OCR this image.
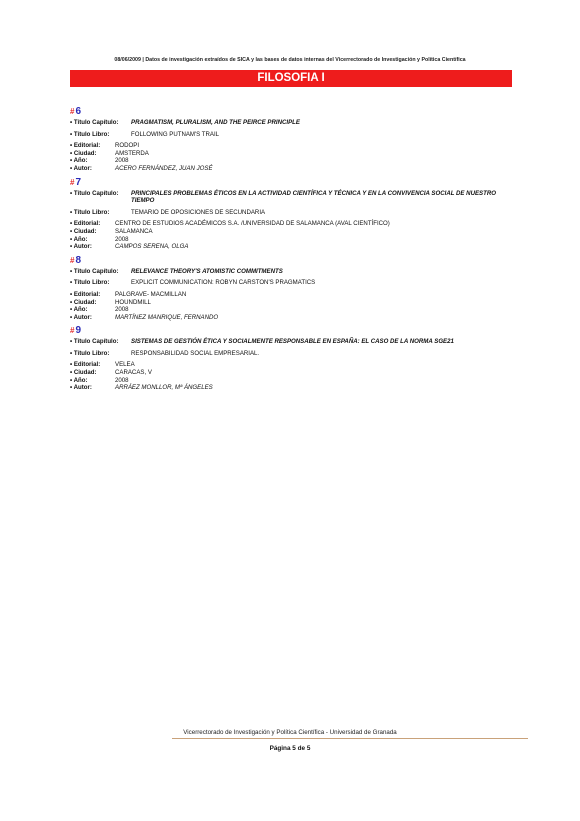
08/06/2009 | Datos de investigación extraídos de SICA y las bases de datos internas del Vicerrectorado de Investigación y Política Científica
FILOSOFIA I
#6
• Título Capítulo:	PRAGMATISM, PLURALISM, AND THE PEIRCE PRINCIPLE
• Título Libro:	FOLLOWING PUTNAM'S TRAIL
• Editorial:	RODOPI
• Ciudad:	AMSTERDA
• Año:	2008
• Autor:	ACERO FERNÁNDEZ, JUAN JOSÉ
#7
• Título Capítulo:	PRINCIPALES PROBLEMAS ÉTICOS EN LA ACTIVIDAD CIENTÍFICA Y TÉCNICA Y EN LA CONVIVENCIA SOCIAL DE NUESTRO TIEMPO
• Título Libro:	TEMARIO DE OPOSICIONES DE SECUNDARIA
• Editorial:	CENTRO DE ESTUDIOS ACADÉMICOS S.A. /UNIVERSIDAD DE SALAMANCA (AVAL CIENTÍFICO)
• Ciudad:	SALAMANCA
• Año:	2008
• Autor:	CAMPOS SERENA, OLGA
#8
• Título Capítulo:	RELEVANCE THEORY'S ATOMISTIC COMMITMENTS
• Título Libro:	EXPLICIT COMMUNICATION: ROBYN CARSTON'S PRAGMATICS
• Editorial:	PALGRAVE- MACMILLAN
• Ciudad:	HOUNDMILL
• Año:	2008
• Autor:	MARTÍNEZ MANRIQUE, FERNANDO
#9
• Título Capítulo:	SISTEMAS DE GESTIÓN ÉTICA Y SOCIALMENTE RESPONSABLE EN ESPAÑA: EL CASO DE LA NORMA SGE21
• Título Libro:	RESPONSABILIDAD SOCIAL EMPRESARIAL.
• Editorial:	VELEA
• Ciudad:	CARACAS, V
• Año:	2008
• Autor:	ARRÁEZ MONLLOR, Mª ÁNGELES
Vicerrectorado de Investigación y Política Científica - Universidad de Granada
Página 5 de 5
